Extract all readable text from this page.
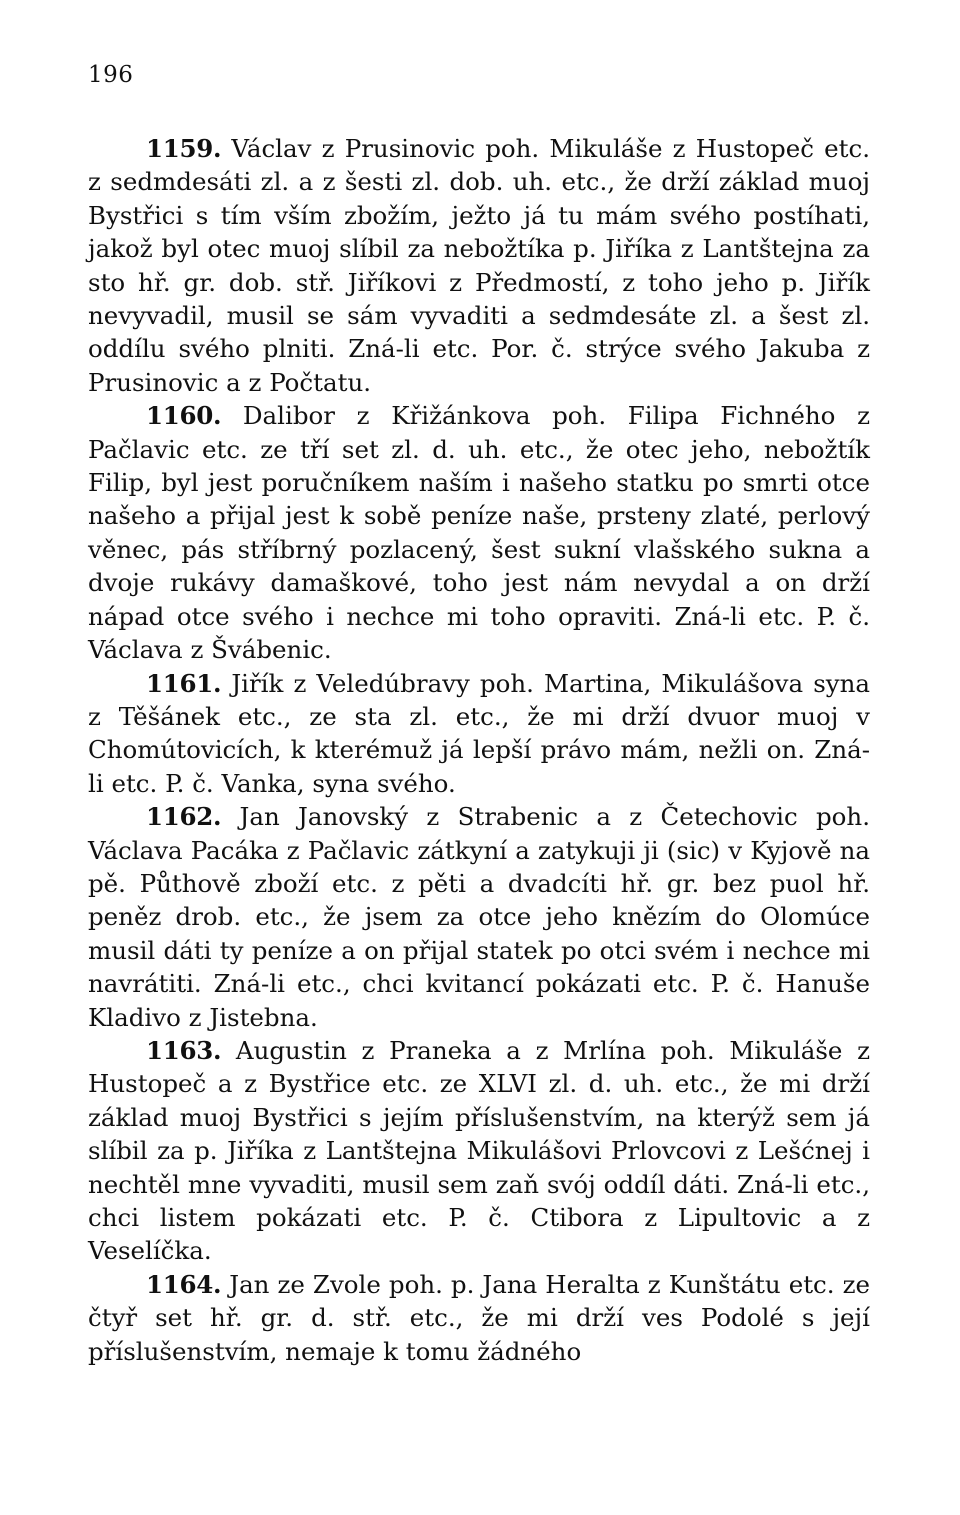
196

1159. Václav z Prusinovic poh. Mikuláše z Hustopeč etc. z sedmdesáti zl. a z šesti zl. dob. uh. etc., že drží základ muoj Bystřici s tím vším zbožím, ježto já tu mám svého postíhati, jakož byl otec muoj slíbil za nebožtíka p. Jiříka z Lantštejna za sto hř. gr. dob. stř. Jiříkovi z Předmostí, z toho jeho p. Jiřík nevyvadil, musil se sám vyvaditi a sedmdesáte zl. a šest zl. oddílu svého plniti. Zná-li etc. Por. č. strýce svého Jakuba z Prusinovic a z Počtatu.

1160. Dalibor z Křižánkova poh. Filipa Fichného z Pačlavic etc. ze tří set zl. d. uh. etc., že otec jeho, nebožtík Filip, byl jest poručníkem naším i našeho statku po smrti otce našeho a přijal jest k sobě peníze naše, prsteny zlaté, perlový věnec, pás stříbrný pozlacený, šest sukní vlašského sukna a dvoje rukávy damaškové, toho jest nám nevydal a on drží nápad otce svého i nechce mi toho opraviti. Zná-li etc. P. č. Václava z Švábenic.

1161. Jiřík z Veledúbravy poh. Martina, Mikulášova syna z Těšánek etc., ze sta zl. etc., že mi drží dvuor muoj v Chomútovicích, k kterémuž já lepší právo mám, nežli on. Zná-li etc. P. č. Vanka, syna svého.

1162. Jan Janovský z Strabenic a z Četechovic poh. Václava Pacáka z Pačlavic zátkyní a zatykuji ji (sic) v Kyjově na pě. Půthově zboží etc. z pěti a dvadcíti hř. gr. bez puol hř. peněz drob. etc., že jsem za otce jeho knězím do Olomúce musil dáti ty peníze a on přijal statek po otci svém i nechce mi navrátiti. Zná-li etc., chci kvitancí pokázati etc. P. č. Hanuše Kladivo z Jistebna.

1163. Augustin z Praneka a z Mrlína poh. Mikuláše z Hustopeč a z Bystřice etc. ze XLVI zl. d. uh. etc., že mi drží základ muoj Bystřici s jejím příslušenstvím, na kterýž sem já slíbil za p. Jiříka z Lantštejna Mikulášovi Prlovcovi z Lešćnej i nechtěl mne vyvaditi, musil sem zaň svój oddíl dáti. Zná-li etc., chci listem pokázati etc. P. č. Ctibora z Lipultovic a z Veselíčka.

1164. Jan ze Zvole poh. p. Jana Heralta z Kunštátu etc. ze čtyř set hř. gr. d. stř. etc., že mi drží ves Podolé s její příslušenstvím, nemaje k tomu žádného
